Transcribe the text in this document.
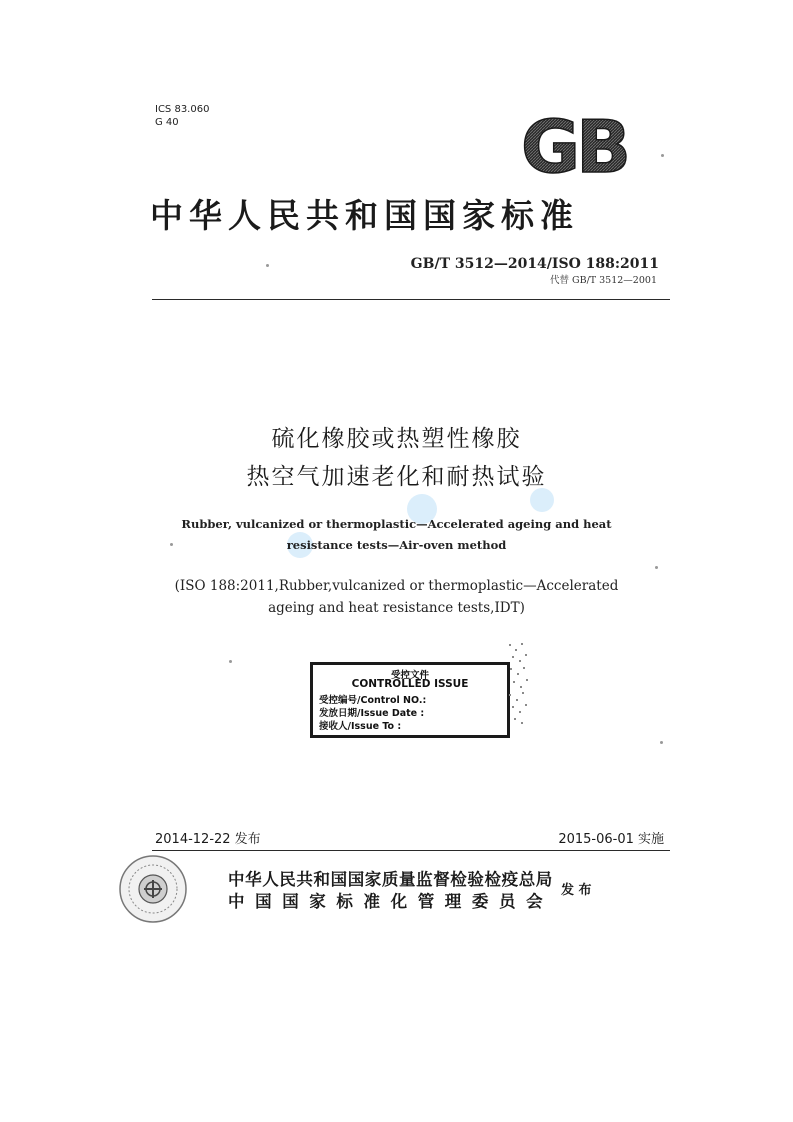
ICS 83.060
G 40	GB
中华人民共和国国家标准
GB/T 3512—2014/ISO 188:2011
代替 GB/T 3512—2001
硫化橡胶或热塑性橡胶
热空气加速老化和耐热试验
Rubber, vulcanized or thermoplastic—Accelerated ageing and heat
resistance tests—Air-oven method
(ISO 188:2011,Rubber,vulcanized or thermoplastic—Accelerated
ageing and heat resistance tests,IDT)
受控文件
CONTROLLED ISSUE
受控编号/Control NO.:
发放日期/Issue Date :
接收人/Issue To :
2014-12-22 发布	2015-06-01 实施
中华人民共和国国家质量监督检验检疫总局
中国国家标准化管理委员会
发 布
